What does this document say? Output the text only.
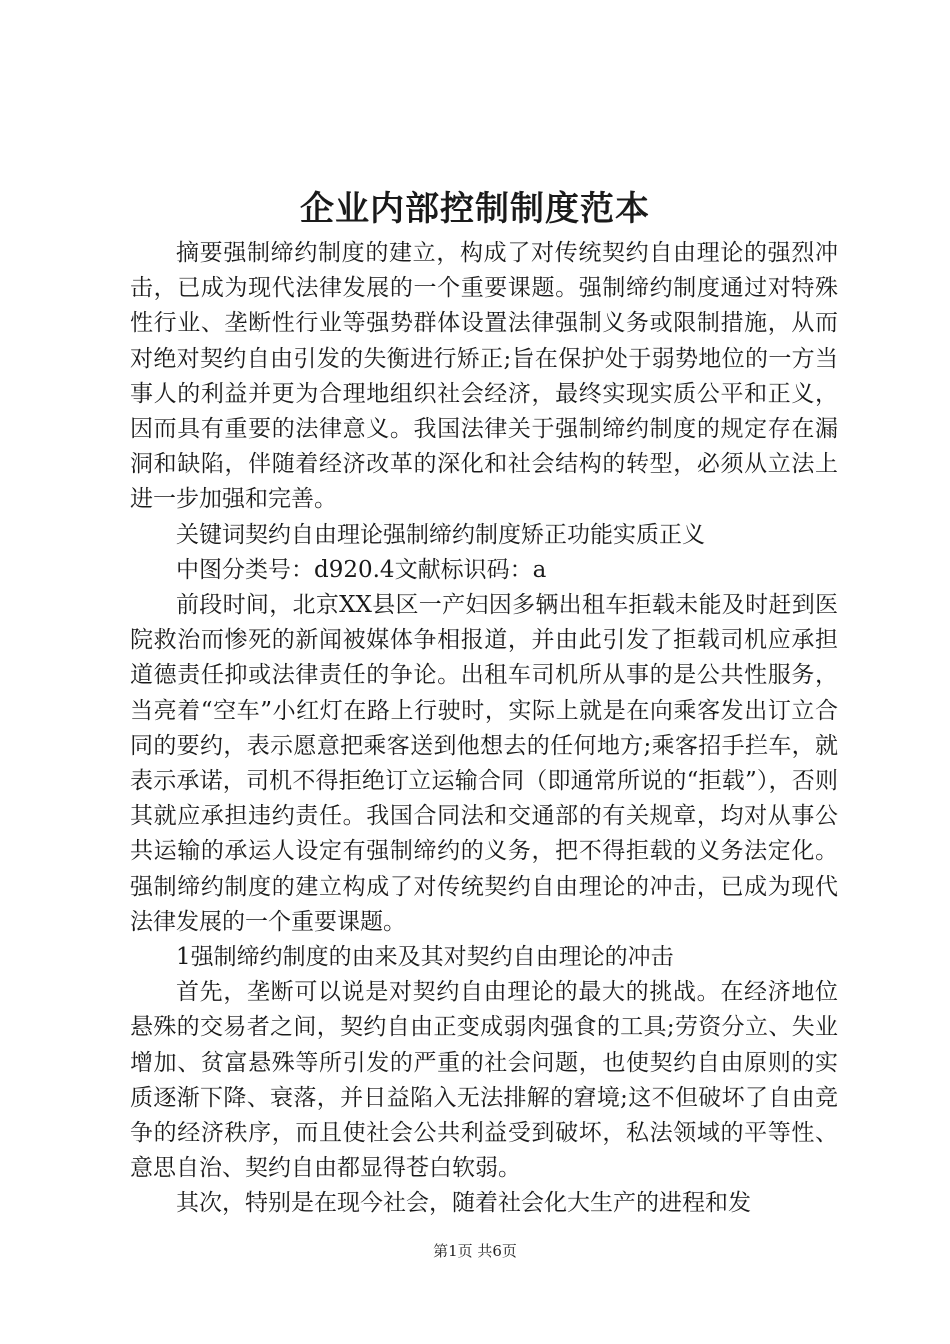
企业内部控制制度范本

摘要强制缔约制度的建立，构成了对传统契约自由理论的强烈冲击，已成为现代法律发展的一个重要课题。强制缔约制度通过对特殊性行业、垄断性行业等强势群体设置法律强制义务或限制措施，从而对绝对契约自由引发的失衡进行矫正;旨在保护处于弱势地位的一方当事人的利益并更为合理地组织社会经济，最终实现实质公平和正义，因而具有重要的法律意义。我国法律关于强制缔约制度的规定存在漏洞和缺陷，伴随着经济改革的深化和社会结构的转型，必须从立法上进一步加强和完善。

关键词契约自由理论强制缔约制度矫正功能实质正义

中图分类号：d920.4文献标识码：a

前段时间，北京XX县区一产妇因多辆出租车拒载未能及时赶到医院救治而惨死的新闻被媒体争相报道，并由此引发了拒载司机应承担道德责任抑或法律责任的争论。出租车司机所从事的是公共性服务，当亮着“空车”小红灯在路上行驶时，实际上就是在向乘客发出订立合同的要约，表示愿意把乘客送到他想去的任何地方;乘客招手拦车，就表示承诺，司机不得拒绝订立运输合同（即通常所说的“拒载”），否则其就应承担违约责任。我国合同法和交通部的有关规章，均对从事公共运输的承运人设定有强制缔约的义务，把不得拒载的义务法定化。强制缔约制度的建立构成了对传统契约自由理论的冲击，已成为现代法律发展的一个重要课题。

1强制缔约制度的由来及其对契约自由理论的冲击

首先，垄断可以说是对契约自由理论的最大的挑战。在经济地位悬殊的交易者之间，契约自由正变成弱肉强食的工具;劳资分立、失业增加、贫富悬殊等所引发的严重的社会问题，也使契约自由原则的实质逐渐下降、衰落，并日益陷入无法排解的窘境;这不但破坏了自由竞争的经济秩序，而且使社会公共利益受到破坏，私法领域的平等性、意思自治、契约自由都显得苍白软弱。

其次，特别是在现今社会，随着社会化大生产的进程和发

第1页 共6页
